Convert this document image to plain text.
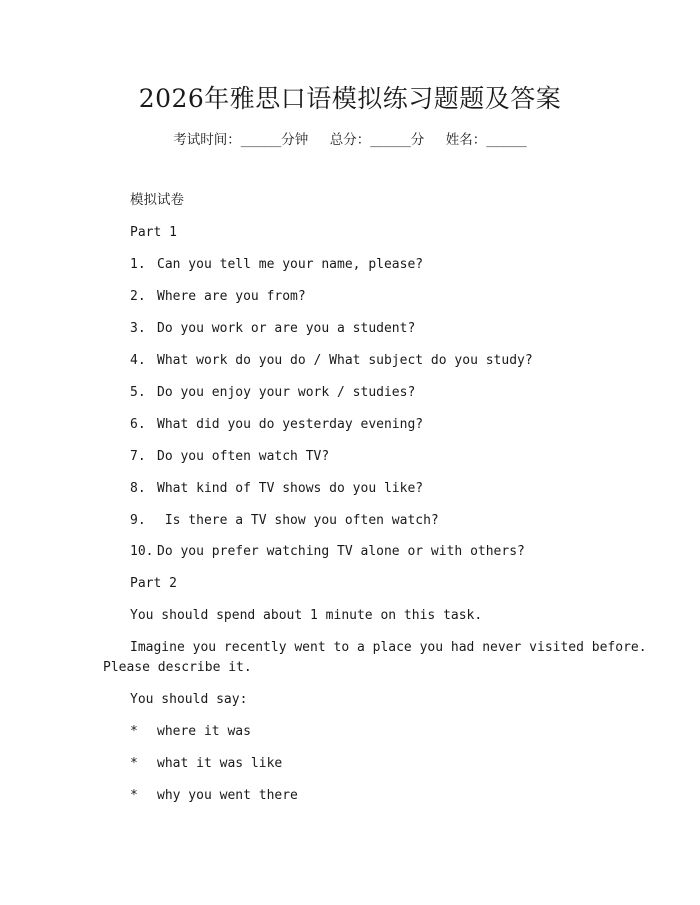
2026年雅思口语模拟练习题题及答案
考试时间：______分钟     总分：______分     姓名：______
模拟试卷
Part 1
1. Can you tell me your name, please?
2. Where are you from?
3. Do you work or are you a student?
4. What work do you do / What subject do you study?
5. Do you enjoy your work / studies?
6. What did you do yesterday evening?
7. Do you often watch TV?
8. What kind of TV shows do you like?
9. Is there a TV show you often watch?
10. Do you prefer watching TV alone or with others?
Part 2
You should spend about 1 minute on this task.
Imagine you recently went to a place you had never visited before.
Please describe it.
You should say:
* where it was
* what it was like
* why you went there
